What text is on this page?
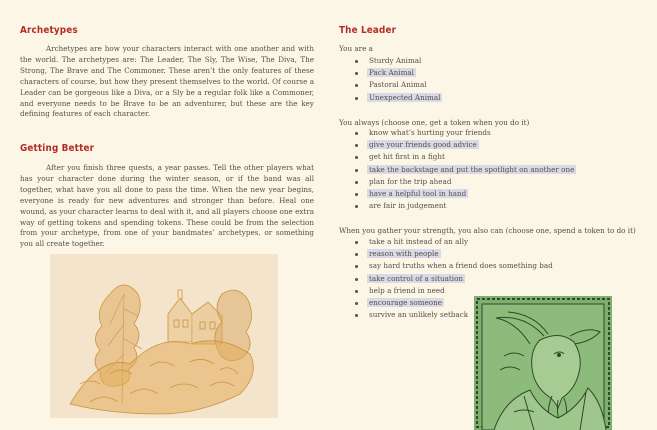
Archetypes

Archetypes are how your characters interact with one another and with the world. The archetypes are: The Leader, The Sly, The Wise, The Diva, The Strong, The Brave and The Commoner. These aren’t the only features of these characters of course, but how they present themselves to the world. Of course a Leader can be gorgeous like a Diva, or a Sly be a regular folk like a Commoner, and everyone needs to be Brave to be an adventurer, but these are the key defining features of each character.

Getting Better

After you finish three quests, a year passes. Tell the other players what has your character done during the winter season, or if the band was all together, what have you all done to pass the time. When the new year begins, everyone is ready for new adventures and stronger than before. Heal one wound, as your character learns to deal with it, and all players choose one extra way of getting tokens and spending tokens. These could be from the selection from your archetype, from one of your bandmates’ archetypes, or something you all create together.

The Leader
You are a
Sturdy Animal
Pack Animal
Pastoral Animal
Unexpected Animal
You always (choose one, get a token when you do it)
know what’s hurting your friends
give your friends good advice
get hit first in a fight
take the backstage and put the spotlight on another one
plan for the trip ahead
have a helpful tool in hand
are fair in judgement
When you gather your strength, you also can (choose one, spend a token to do it)
take a hit instead of an ally
reason with people
say hard truths when a friend does something bad
take control of a situation
help a friend in need
encourage someone
survive an unlikely setback
